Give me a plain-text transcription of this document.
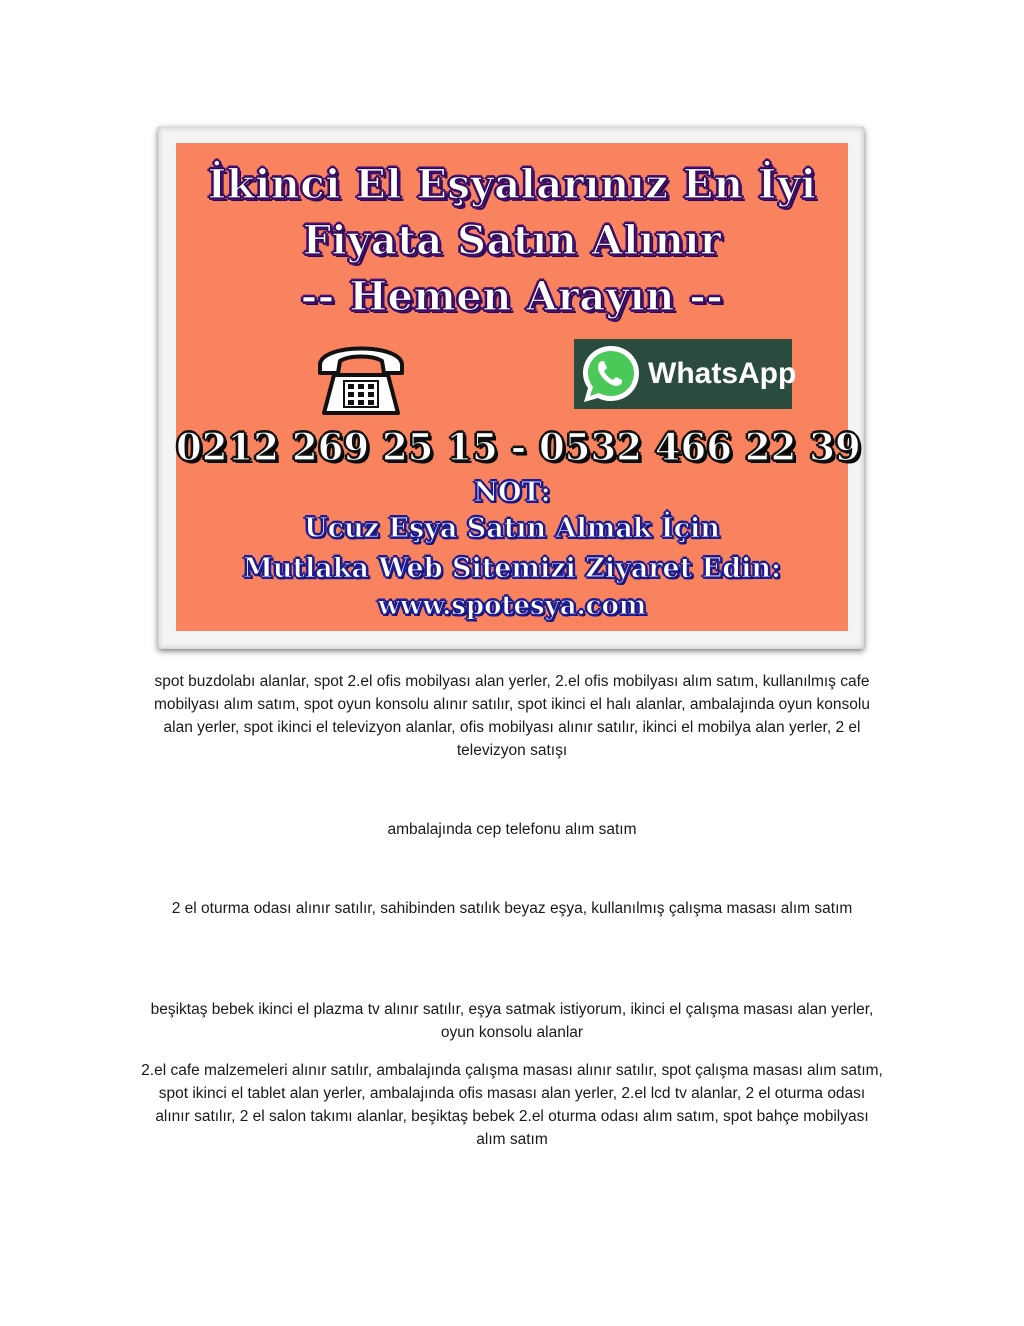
İkinci El Eşyalarınız En İyi
Fiyata Satın Alınır
-- Hemen Arayın --
WhatsApp
0212 269 25 15 - 0532 466 22 39
NOT:
Ucuz Eşya Satın Almak İçin
Mutlaka Web Sitemizi Ziyaret Edin:
www.spotesya.com
spot buzdolabı alanlar, spot 2.el ofis mobilyası alan yerler, 2.el ofis mobilyası alım satım, kullanılmış cafe mobilyası alım satım, spot oyun konsolu alınır satılır, spot ikinci el halı alanlar, ambalajında oyun konsolu alan yerler, spot ikinci el televizyon alanlar, ofis mobilyası alınır satılır, ikinci el mobilya alan yerler, 2 el televizyon satışı
ambalajında cep telefonu alım satım
2 el oturma odası alınır satılır, sahibinden satılık beyaz eşya, kullanılmış çalışma masası alım satım
beşiktaş bebek ikinci el plazma tv alınır satılır, eşya satmak istiyorum, ikinci el çalışma masası alan yerler, oyun konsolu alanlar
2.el cafe malzemeleri alınır satılır, ambalajında çalışma masası alınır satılır, spot çalışma masası alım satım, spot ikinci el tablet alan yerler, ambalajında ofis masası alan yerler, 2.el lcd tv alanlar, 2 el oturma odası alınır satılır, 2 el salon takımı alanlar, beşiktaş bebek 2.el oturma odası alım satım, spot bahçe mobilyası alım satım
